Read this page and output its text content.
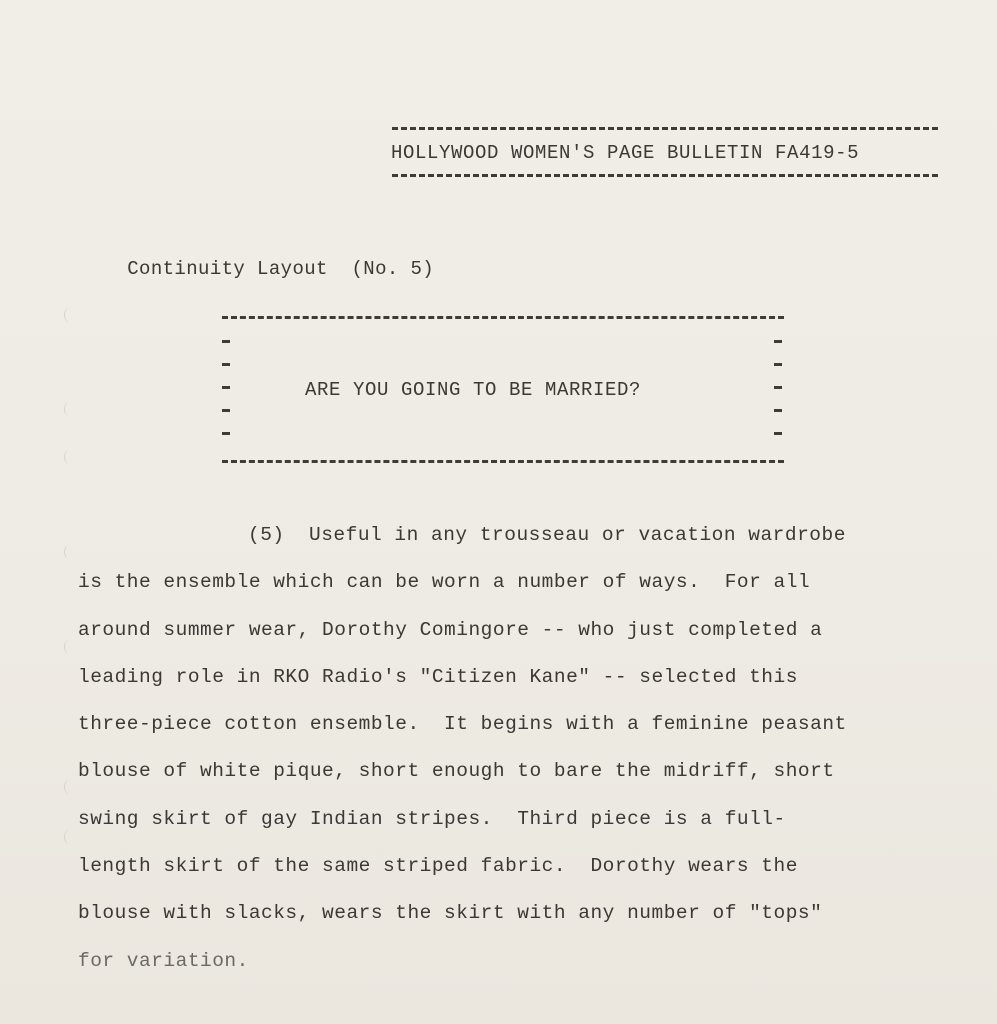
HOLLYWOOD WOMEN'S PAGE BULLETIN FA419-5

Continuity Layout (No. 5)

ARE YOU GOING TO BE MARRIED?
(5)  Useful in any trousseau or vacation wardrobe
is the ensemble which can be worn a number of ways.  For all
around summer wear, Dorothy Comingore -- who just completed a
leading role in RKO Radio's "Citizen Kane" -- selected this
three-piece cotton ensemble.  It begins with a feminine peasant
blouse of white pique, short enough to bare the midriff, short
swing skirt of gay Indian stripes.  Third piece is a full-
length skirt of the same striped fabric.  Dorothy wears the
blouse with slacks, wears the skirt with any number of "tops"
for variation.
